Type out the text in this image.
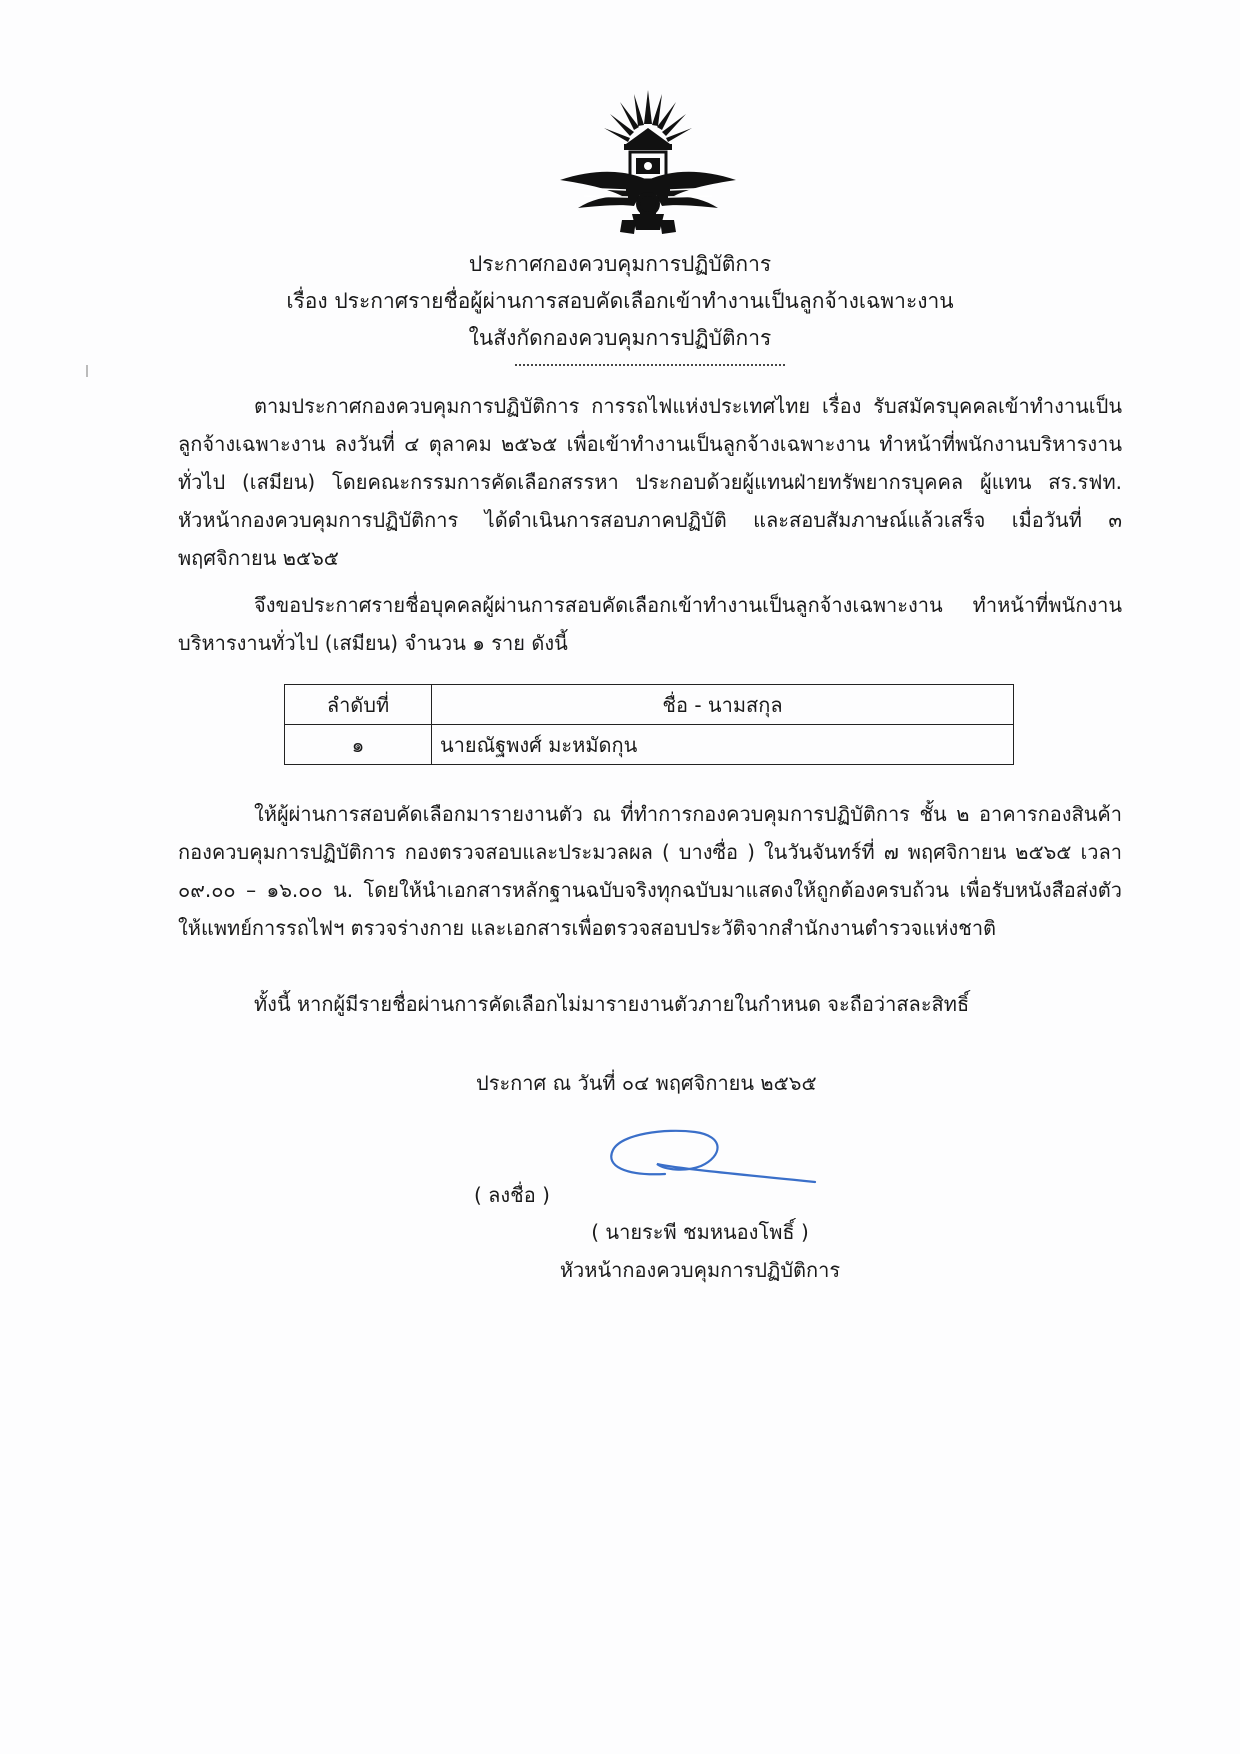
ประกาศกองควบคุมการปฏิบัติการ
เรื่อง ประกาศรายชื่อผู้ผ่านการสอบคัดเลือกเข้าทำงานเป็นลูกจ้างเฉพาะงาน
ในสังกัดกองควบคุมการปฏิบัติการ

ตามประกาศกองควบคุมการปฏิบัติการ การรถไฟแห่งประเทศไทย เรื่อง รับสมัครบุคคลเข้าทำงานเป็นลูกจ้างเฉพาะงาน ลงวันที่ ๔ ตุลาคม ๒๕๖๕ เพื่อเข้าทำงานเป็นลูกจ้างเฉพาะงาน ทำหน้าที่พนักงานบริหารงานทั่วไป (เสมียน) โดยคณะกรรมการคัดเลือกสรรหา ประกอบด้วยผู้แทนฝ่ายทรัพยากรบุคคล ผู้แทน สร.รฟท. หัวหน้ากองควบคุมการปฏิบัติการ ได้ดำเนินการสอบภาคปฏิบัติ และสอบสัมภาษณ์แล้วเสร็จ เมื่อวันที่ ๓ พฤศจิกายน ๒๕๖๕

จึงขอประกาศรายชื่อบุคคลผู้ผ่านการสอบคัดเลือกเข้าทำงานเป็นลูกจ้างเฉพาะงาน ทำหน้าที่พนักงานบริหารงานทั่วไป (เสมียน) จำนวน ๑ ราย ดังนี้

ลำดับที่	ชื่อ - นามสกุล
๑	นายณัฐพงศ์ มะหมัดกุน

ให้ผู้ผ่านการสอบคัดเลือกมารายงานตัว ณ ที่ทำการกองควบคุมการปฏิบัติการ ชั้น ๒ อาคารกองสินค้า กองควบคุมการปฏิบัติการ กองตรวจสอบและประมวลผล ( บางซื่อ ) ในวันจันทร์ที่ ๗ พฤศจิกายน ๒๕๖๕ เวลา ๐๙.๐๐ – ๑๖.๐๐ น. โดยให้นำเอกสารหลักฐานฉบับจริงทุกฉบับมาแสดงให้ถูกต้องครบถ้วน เพื่อรับหนังสือส่งตัวให้แพทย์การรถไฟฯ ตรวจร่างกาย และเอกสารเพื่อตรวจสอบประวัติจากสำนักงานตำรวจแห่งชาติ

ทั้งนี้ หากผู้มีรายชื่อผ่านการคัดเลือกไม่มารายงานตัวภายในกำหนด จะถือว่าสละสิทธิ์

ประกาศ ณ วันที่ ๐๔ พฤศจิกายน ๒๕๖๕
( ลงชื่อ )
( นายระพี ชมหนองโพธิ์ )
หัวหน้ากองควบคุมการปฏิบัติการ
